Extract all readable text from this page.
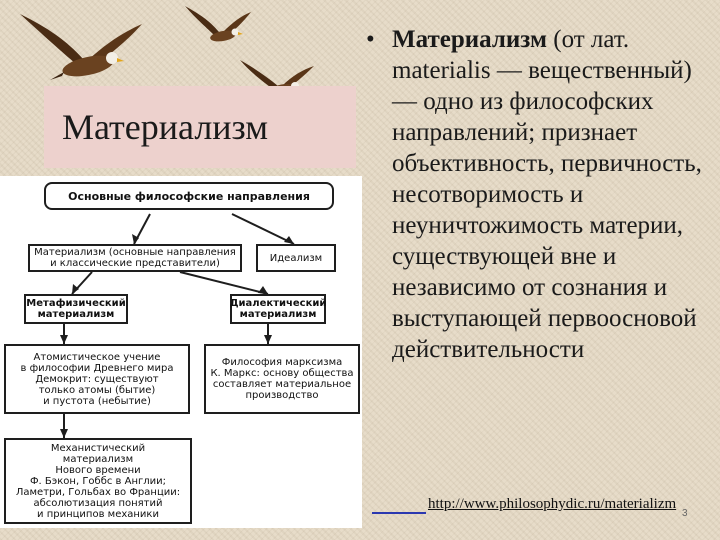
Материализм
Основные философские направления
Материализм (основные направления
и классические представители)	Идеализм
Метафизический
материализм
Диалектический
материализм
Атомистическое учение
в философии Древнего мира
Демокрит: существуют
только атомы (бытие)
и пустота (небытие)
Философия марксизма
К. Маркс: основу общества
составляет материальное
производство
Механистический
материализм
Нового времени
Ф. Бэкон, Гоббс в Англии;
Ламетри, Гольбах во Франции:
абсолютизация понятий
и принципов механики
• Материализм (от лат. materialis — вещественный) — одно из философских направлений; признает объективность, первичность, несотворимость и неуничтожимость материи, существующей вне и независимо от сознания и выступающей первоосновой действительности
http://www.philosophydic.ru/materializm
3
